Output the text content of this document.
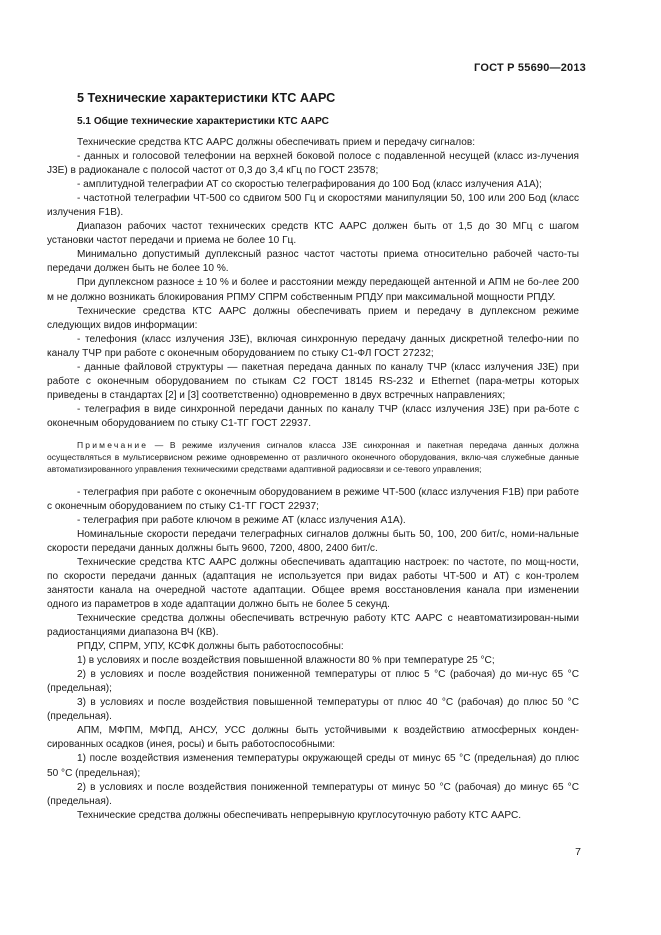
ГОСТ Р 55690—2013
5 Технические характеристики КТС ААРС
5.1 Общие технические характеристики КТС ААРС

Технические средства КТС ААРС должны обеспечивать прием и передачу сигналов:

- данных и голосовой телефонии на верхней боковой полосе с подавленной несущей (класс из-лучения J3E) в радиоканале с полосой частот от 0,3 до 3,4 кГц по ГОСТ 23578;

- амплитудной телеграфии АТ со скоростью телеграфирования до 100 Бод (класс излучения А1А);

- частотной телеграфии ЧТ-500 со сдвигом 500 Гц и скоростями манипуляции 50, 100 или 200 Бод (класс излучения F1B).

Диапазон рабочих частот технических средств КТС ААРС должен быть от 1,5 до 30 МГц с шагом установки частот передачи и приема не более 10 Гц.

Минимально допустимый дуплексный разнос частот частоты приема относительно рабочей часто-ты передачи должен быть не более 10 %.

При дуплексном разносе ± 10 % и более и расстоянии между передающей антенной и АПМ не бо-лее 200 м не должно возникать блокирования РПМУ СПРМ собственным РПДУ при максимальной мощности РПДУ.

Технические средства КТС ААРС должны обеспечивать прием и передачу в дуплексном режиме следующих видов информации:

- телефония (класс излучения J3E), включая синхронную передачу данных дискретной телефо-нии по каналу ТЧР при работе с оконечным оборудованием по стыку С1-ФЛ ГОСТ 27232;

- данные файловой структуры — пакетная передача данных по каналу ТЧР (класс излучения J3E) при работе с оконечным оборудованием по стыкам С2 ГОСТ 18145 RS-232 и Ethernet (пара-метры которых приведены в стандартах [2] и [3] соответственно) одновременно в двух встречных направлениях;

- телеграфия в виде синхронной передачи данных по каналу ТЧР (класс излучения J3E) при ра-боте с оконечным оборудованием по стыку С1-ТГ ГОСТ 22937.

Примечание — В режиме излучения сигналов класса J3E синхронная и пакетная передача данных должна осуществляться в мультисервисном режиме одновременно от различного оконечного оборудования, вклю-чая служебные данные автоматизированного управления техническими средствами адаптивной радиосвязи и се-тевого управления;

- телеграфия при работе с оконечным оборудованием в режиме ЧТ-500 (класс излучения F1B) при работе с оконечным оборудованием по стыку С1-ТГ ГОСТ 22937;

- телеграфия при работе ключом в режиме АТ (класс излучения А1А).

Номинальные скорости передачи телеграфных сигналов должны быть 50, 100, 200 бит/с, номи-нальные скорости передачи данных должны быть 9600, 7200, 4800, 2400 бит/с.

Технические средства КТС ААРС должны обеспечивать адаптацию настроек: по частоте, по мощ-ности, по скорости передачи данных (адаптация не используется при видах работы ЧТ-500 и АТ) с кон-тролем занятости канала на очередной частоте адаптации. Общее время восстановления канала при изменении одного из параметров в ходе адаптации должно быть не более 5 секунд.

Технические средства должны обеспечивать встречную работу КТС ААРС с неавтоматизирован-ными радиостанциями диапазона ВЧ (КВ).

РПДУ, СПРМ, УПУ, КСФК должны быть работоспособны:

1) в условиях и после воздействия повышенной влажности 80 % при температуре 25 °С;

2) в условиях и после воздействия пониженной температуры от плюс 5 °С (рабочая) до ми-нус 65 °С (предельная);

3) в условиях и после воздействия повышенной температуры от плюс 40 °С (рабочая) до плюс 50 °С (предельная).

АПМ, МФПМ, МФПД, АНСУ, УСС должны быть устойчивыми к воздействию атмосферных конден-сированных осадков (инея, росы) и быть работоспособными:

1) после воздействия изменения температуры окружающей среды от минус 65 °С (предельная) до плюс 50 °С (предельная);

2) в условиях и после воздействия пониженной температуры от минус 50 °С (рабочая) до минус 65 °С (предельная).

Технические средства должны обеспечивать непрерывную круглосуточную работу КТС ААРС.

7
